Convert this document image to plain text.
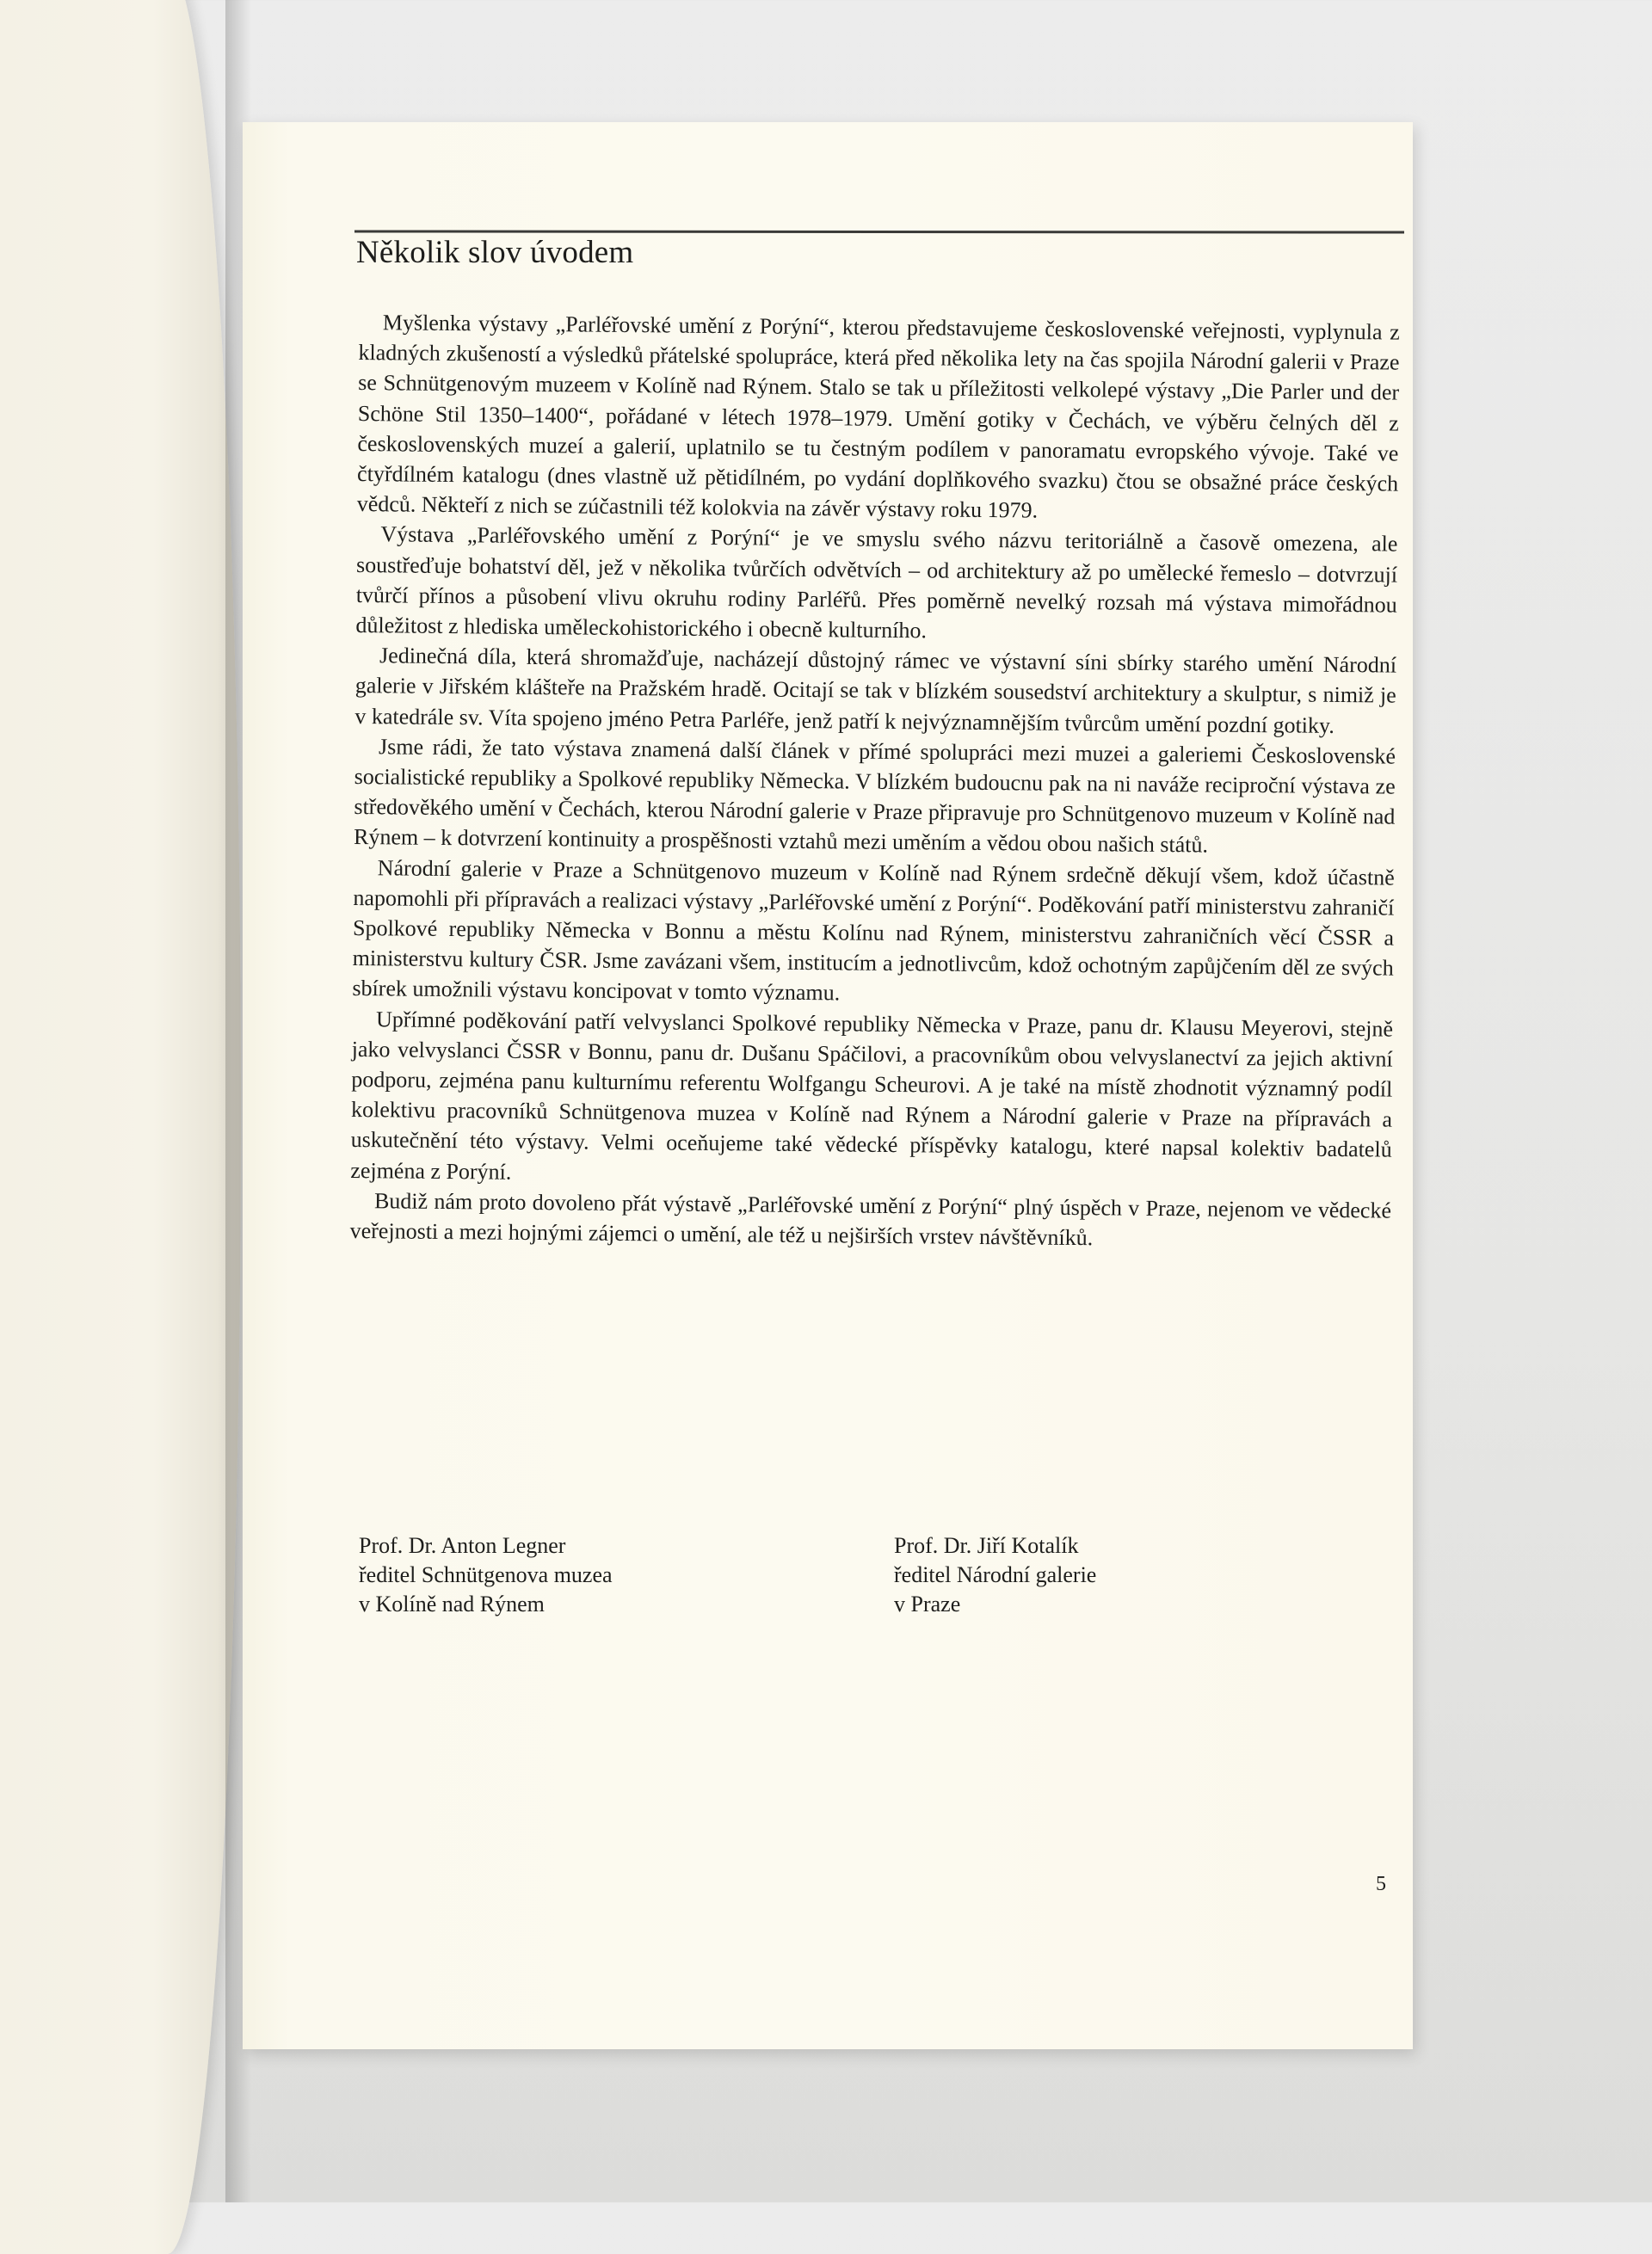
Několik slov úvodem

Myšlenka výstavy „Parléřovské umění z Porýní“, kterou představujeme československé veřejnosti, vyplynula z kladných zkušeností a výsledků přátelské spolupráce, která před několika lety na čas spojila Národní galerii v Praze se Schnütgenovým muzeem v Kolíně nad Rýnem. Stalo se tak u příležitosti velkolepé výstavy „Die Parler und der Schöne Stil 1350–1400“, pořádané v létech 1978–1979. Umění gotiky v Čechách, ve výběru čelných děl z československých muzeí a galerií, uplatnilo se tu čestným podílem v panoramatu evropského vývoje. Také ve čtyřdílném katalogu (dnes vlastně už pětidílném, po vydání doplňkového svazku) čtou se obsažné práce českých vědců. Někteří z nich se zúčastnili též kolokvia na závěr výstavy roku 1979.

Výstava „Parléřovského umění z Porýní“ je ve smyslu svého názvu teritoriálně a časově omezena, ale soustřeďuje bohatství děl, jež v několika tvůrčích odvětvích – od architektury až po umělecké řemeslo – dotvrzují tvůrčí přínos a působení vlivu okruhu rodiny Parléřů. Přes poměrně nevelký rozsah má výstava mimořádnou důležitost z hlediska uměleckohistorického i obecně kulturního.

Jedinečná díla, která shromažďuje, nacházejí důstojný rámec ve výstavní síni sbírky starého umění Národní galerie v Jiřském klášteře na Pražském hradě. Ocitají se tak v blízkém sousedství architektury a skulptur, s nimiž je v katedrále sv. Víta spojeno jméno Petra Parléře, jenž patří k nejvýznamnějším tvůrcům umění pozdní gotiky.

Jsme rádi, že tato výstava znamená další článek v přímé spolupráci mezi muzei a galeriemi Československé socialistické republiky a Spolkové republiky Německa. V blízkém budoucnu pak na ni naváže reciproční výstava ze středověkého umění v Čechách, kterou Národní galerie v Praze připravuje pro Schnütgenovo muzeum v Kolíně nad Rýnem – k dotvrzení kontinuity a prospěšnosti vztahů mezi uměním a vědou obou našich států.

Národní galerie v Praze a Schnütgenovo muzeum v Kolíně nad Rýnem srdečně děkují všem, kdož účastně napomohli při přípravách a realizaci výstavy „Parléřovské umění z Porýní“. Poděkování patří ministerstvu zahraničí Spolkové republiky Německa v Bonnu a městu Kolínu nad Rýnem, ministerstvu zahraničních věcí ČSSR a ministerstvu kultury ČSR. Jsme zavázani všem, institucím a jednotlivcům, kdož ochotným zapůjčením děl ze svých sbírek umožnili výstavu koncipovat v tomto významu.

Upřímné poděkování patří velvyslanci Spolkové republiky Německa v Praze, panu dr. Klausu Meyerovi, stejně jako velvyslanci ČSSR v Bonnu, panu dr. Dušanu Spáčilovi, a pracovníkům obou velvyslanectví za jejich aktivní podporu, zejména panu kulturnímu referentu Wolfgangu Scheurovi. A je také na místě zhodnotit významný podíl kolektivu pracovníků Schnütgenova muzea v Kolíně nad Rýnem a Národní galerie v Praze na přípravách a uskutečnění této výstavy. Velmi oceňujeme také vědecké příspěvky katalogu, které napsal kolektiv badatelů zejména z Porýní.

Budiž nám proto dovoleno přát výstavě „Parléřovské umění z Porýní“ plný úspěch v Praze, nejenom ve vědecké veřejnosti a mezi hojnými zájemci o umění, ale též u nejširších vrstev návštěvníků.

Prof. Dr. Anton Legner
ředitel Schnütgenova muzea
v Kolíně nad Rýnem
Prof. Dr. Jiří Kotalík
ředitel Národní galerie
v Praze
5
